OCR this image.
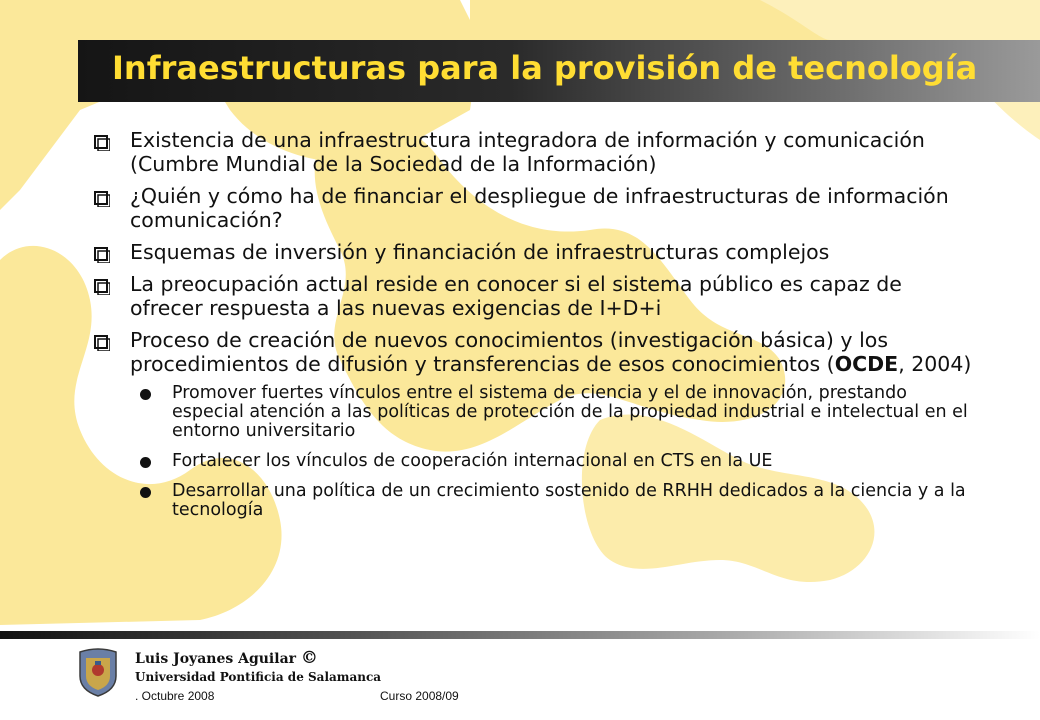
Infraestructuras para la provisión de tecnología
Existencia de una infraestructura integradora de información y comunicación (Cumbre Mundial de la Sociedad de la Información)
¿Quién y cómo ha de financiar el despliegue de infraestructuras de información comunicación?
Esquemas de inversión y financiación de infraestructuras complejos
La preocupación actual reside en conocer si el sistema público es capaz de ofrecer respuesta a las nuevas exigencias de I+D+i
Proceso de creación de nuevos conocimientos (investigación básica) y los procedimientos de difusión y transferencias de esos conocimientos (OCDE, 2004)
Promover fuertes vínculos entre el sistema de ciencia y el de innovación, prestando especial atención a las políticas de protección de la propiedad industrial e intelectual en el entorno universitario
Fortalecer los vínculos de cooperación internacional en CTS en la UE
Desarrollar una política de un crecimiento sostenido de RRHH dedicados a la ciencia y a la tecnología
Luis Joyanes Aguilar ©
Universidad Pontificia de Salamanca
. Octubre 2008	Curso 2008/09
